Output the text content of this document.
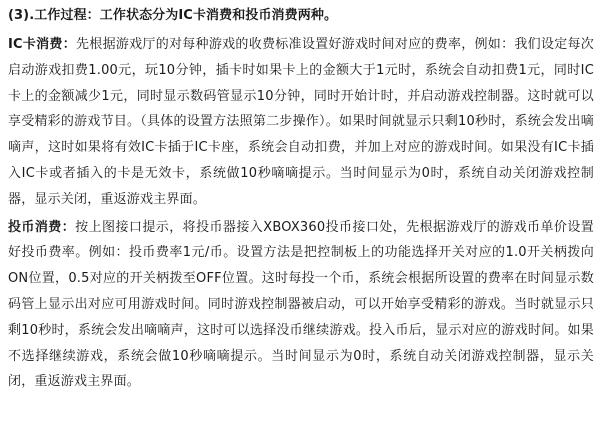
(3).工作过程：工作状态分为IC卡消费和投币消费两种。

IC卡消费：先根据游戏厅的对每种游戏的收费标准设置好游戏时间对应的费率，例如：我们设定每次启动游戏扣费1.00元，玩10分钟，插卡时如果卡上的金额大于1元时，系统会自动扣费1元，同时IC卡上的金额减少1元，同时显示数码管显示10分钟，同时开始计时，并启动游戏控制器。这时就可以享受精彩的游戏节目。（具体的设置方法照第二步操作）。如果时间就显示只剩10秒时，系统会发出嘀嘀声，这时如果将有效IC卡插于IC卡座，系统会自动扣费，并加上对应的游戏时间。如果没有IC卡插入IC卡或者插入的卡是无效卡，系统做10秒嘀嘀提示。当时间显示为0时，系统自动关闭游戏控制器，显示关闭，重返游戏主界面。

投币消费：按上图接口提示，将投币器接入XBOX360投币接口处，先根据游戏厅的游戏币单价设置好投币费率。例如：投币费率1元/币。设置方法是把控制板上的功能选择开关对应的1.0开关柄拨向ON位置，0.5对应的开关柄拨至OFF位置。这时每投一个币，系统会根据所设置的费率在时间显示数码管上显示出对应可用游戏时间。同时游戏控制器被启动，可以开始享受精彩的游戏。当时就显示只剩10秒时，系统会发出嘀嘀声，这时可以选择没币继续游戏。投入币后，显示对应的游戏时间。如果不选择继续游戏，系统会做10秒嘀嘀提示。当时间显示为0时，系统自动关闭游戏控制器，显示关闭，重返游戏主界面。
